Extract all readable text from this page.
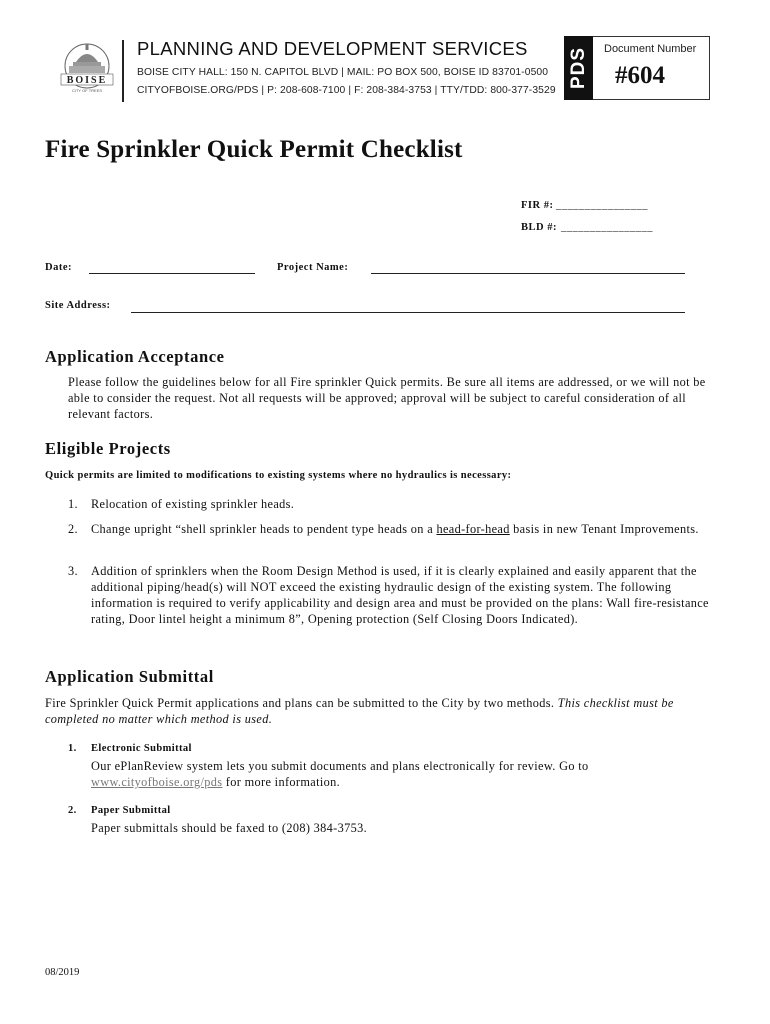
BOISE
CITY OF TREES
PLANNING AND DEVELOPMENT SERVICES
BOISE CITY HALL: 150 N. CAPITOL BLVD | MAIL: PO BOX 500, BOISE ID 83701-0500
CITYOFBOISE.ORG/PDS | P: 208-608-7100 | F: 208-384-3753 | TTY/TDD: 800-377-3529
PDS Document Number
#604
Fire Sprinkler Quick Permit Checklist
FIR #: ________________
BLD #: ________________
Date:	Project Name:
Site Address:
Application Acceptance
Please follow the guidelines below for all Fire sprinkler Quick permits. Be sure all items are addressed, or we will not be able to consider the request. Not all requests will be approved; approval will be subject to careful consideration of all relevant factors.
Eligible Projects
Quick permits are limited to modifications to existing systems where no hydraulics is necessary:
1. Relocation of existing sprinkler heads.
2. Change upright “shell sprinkler heads to pendent type heads on a head-for-head basis in new Tenant Improvements.
3. Addition of sprinklers when the Room Design Method is used, if it is clearly explained and easily apparent that the additional piping/head(s) will NOT exceed the existing hydraulic design of the existing system. The following information is required to verify applicability and design area and must be provided on the plans: Wall fire-resistance rating, Door lintel height a minimum 8”, Opening protection (Self Closing Doors Indicated).
Application Submittal
Fire Sprinkler Quick Permit applications and plans can be submitted to the City by two methods. This checklist must be completed no matter which method is used.
1. Electronic Submittal
Our ePlanReview system lets you submit documents and plans electronically for review. Go to www.cityofboise.org/pds for more information.
2. Paper Submittal
Paper submittals should be faxed to (208) 384-3753.
08/2019
